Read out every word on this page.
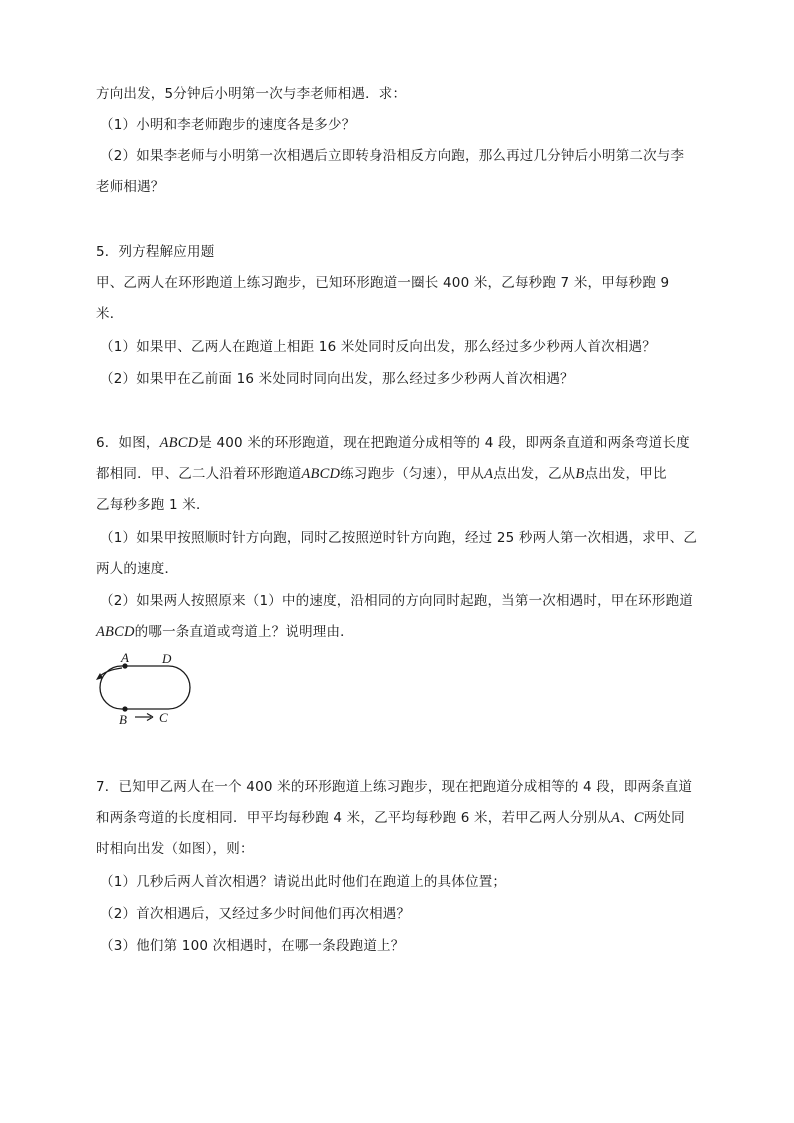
方向出发，5分钟后小明第一次与李老师相遇．求：
（1）小明和李老师跑步的速度各是多少？
（2）如果李老师与小明第一次相遇后立即转身沿相反方向跑，那么再过几分钟后小明第二次与李
老师相遇？
5．列方程解应用题
甲、乙两人在环形跑道上练习跑步，已知环形跑道一圈长 400 米，乙每秒跑 7 米，甲每秒跑 9
米．
（1）如果甲、乙两人在跑道上相距 16 米处同时反向出发，那么经过多少秒两人首次相遇？
（2）如果甲在乙前面 16 米处同时同向出发，那么经过多少秒两人首次相遇？
6．如图，ABCD是 400 米的环形跑道，现在把跑道分成相等的 4 段，即两条直道和两条弯道长度
都相同．甲、乙二人沿着环形跑道ABCD练习跑步（匀速），甲从A点出发，乙从B点出发，甲比
乙每秒多跑 1 米．
（1）如果甲按照顺时针方向跑，同时乙按照逆时针方向跑，经过 25 秒两人第一次相遇，求甲、乙
两人的速度．
（2）如果两人按照原来（1）中的速度，沿相同的方向同时起跑，当第一次相遇时，甲在环形跑道
ABCD的哪一条直道或弯道上？说明理由．
A	D
B C
7．已知甲乙两人在一个 400 米的环形跑道上练习跑步，现在把跑道分成相等的 4 段，即两条直道
和两条弯道的长度相同．甲平均每秒跑 4 米，乙平均每秒跑 6 米，若甲乙两人分别从A、C两处同
时相向出发（如图），则：
（1）几秒后两人首次相遇？请说出此时他们在跑道上的具体位置；
（2）首次相遇后，又经过多少时间他们再次相遇？
（3）他们第 100 次相遇时，在哪一条段跑道上？
